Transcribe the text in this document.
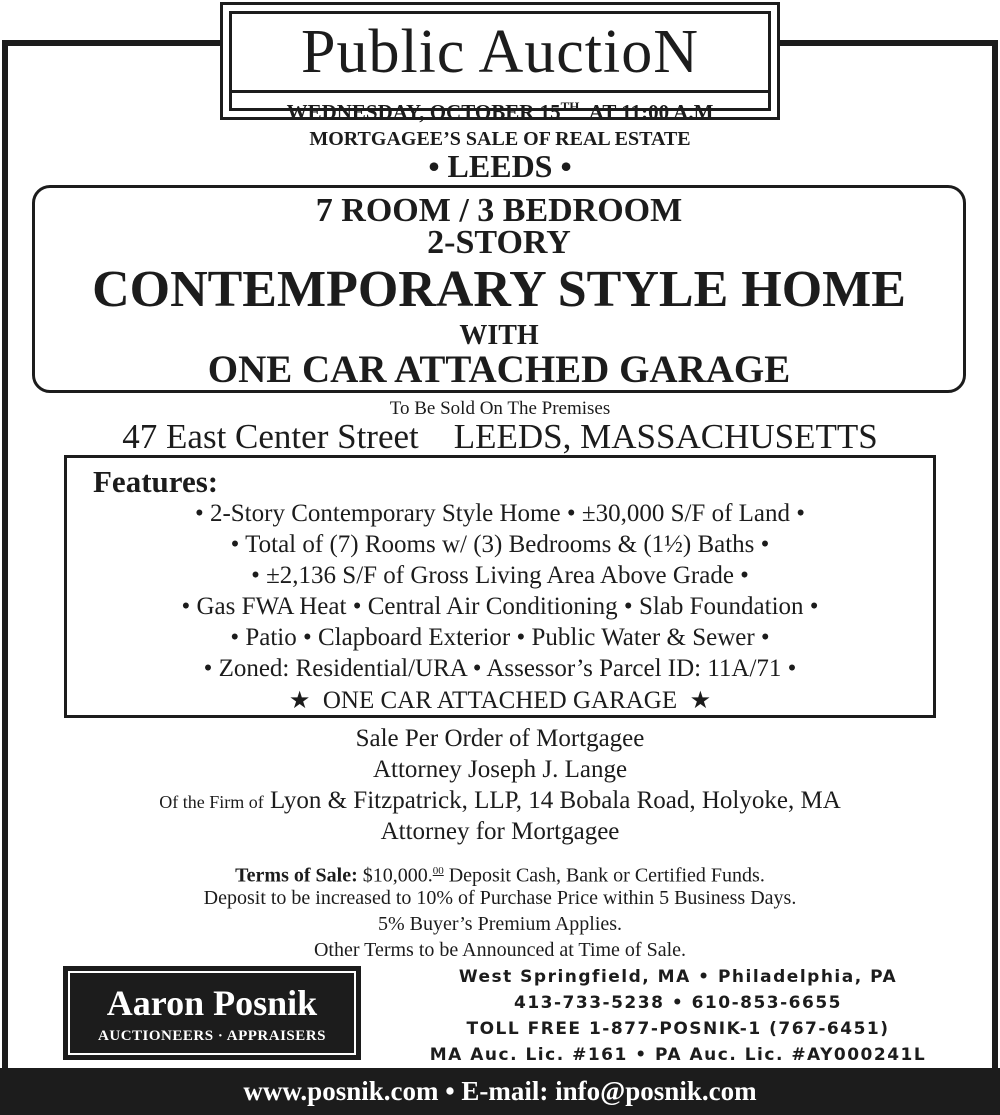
Public AuctioN
WEDNESDAY, OCTOBER 15TH AT 11:00 A.M
MORTGAGEE’S SALE OF REAL ESTATE
• LEEDS •
7 ROOM / 3 BEDROOM
2-STORY
CONTEMPORARY STYLE HOME
WITH
ONE CAR ATTACHED GARAGE
To Be Sold On The Premises
47 East Center Street LEEDS, MASSACHUSETTS
Features:
• 2-Story Contemporary Style Home • ±30,000 S/F of Land •
• Total of (7) Rooms w/ (3) Bedrooms & (1½) Baths •
• ±2,136 S/F of Gross Living Area Above Grade •
• Gas FWA Heat • Central Air Conditioning • Slab Foundation •
• Patio • Clapboard Exterior • Public Water & Sewer •
• Zoned: Residential/URA • Assessor’s Parcel ID: 11A/71 •
★ ONE CAR ATTACHED GARAGE ★
Sale Per Order of Mortgagee
Attorney Joseph J. Lange
Of the Firm of Lyon & Fitzpatrick, LLP, 14 Bobala Road, Holyoke, MA
Attorney for Mortgagee
Terms of Sale: $10,000.00 Deposit Cash, Bank or Certified Funds.
Deposit to be increased to 10% of Purchase Price within 5 Business Days.
5% Buyer’s Premium Applies.
Other Terms to be Announced at Time of Sale.
Aaron Posnik
AUCTIONEERS · APPRAISERS
West Springfield, MA • Philadelphia, PA
413-733-5238 • 610-853-6655
TOLL FREE 1-877-POSNIK-1 (767-6451)
MA Auc. Lic. #161 • PA Auc. Lic. #AY000241L
www.posnik.com • E-mail: info@posnik.com
